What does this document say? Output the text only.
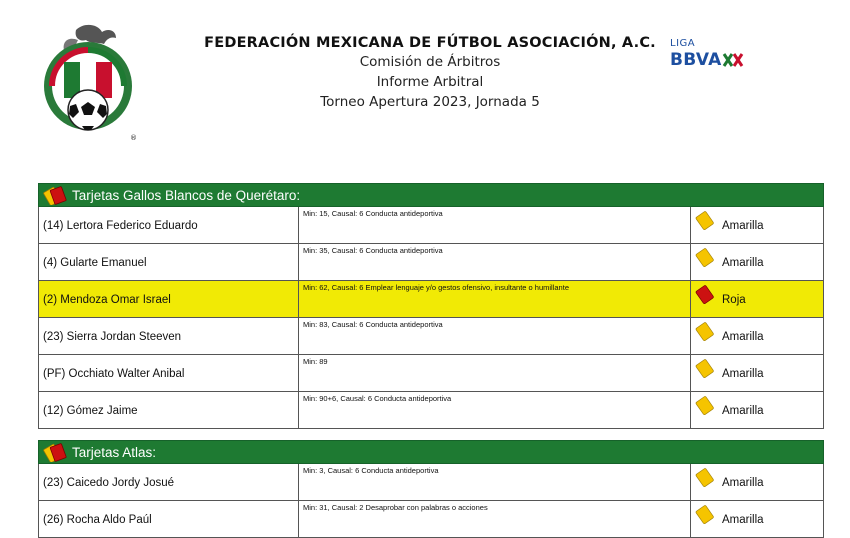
®
FEDERACIÓN MEXICANA DE FÚTBOL ASOCIACIÓN, A.C.
Comisión de Árbitros
Informe Arbitral
Torneo Apertura 2023, Jornada 5
LIGA
BBVA
Tarjetas Gallos Blancos de Querétaro:
(14) Lertora Federico Eduardo
Min: 15, Causal: 6 Conducta antideportiva
Amarilla
(4) Gularte Emanuel
Min: 35, Causal: 6 Conducta antideportiva
Amarilla
(2) Mendoza Omar Israel
Min: 62, Causal: 6 Emplear lenguaje y/o gestos ofensivo, insultante o humillante
Roja
(23) Sierra Jordan Steeven
Min: 83, Causal: 6 Conducta antideportiva
Amarilla
(PF) Occhiato Walter Anibal
Min: 89
Amarilla
(12) Gómez Jaime
Min: 90+6, Causal: 6 Conducta antideportiva
Amarilla
Tarjetas Atlas:
(23) Caicedo Jordy Josué
Min: 3, Causal: 6 Conducta antideportiva
Amarilla
(26) Rocha Aldo Paúl
Min: 31, Causal: 2 Desaprobar con palabras o acciones
Amarilla
